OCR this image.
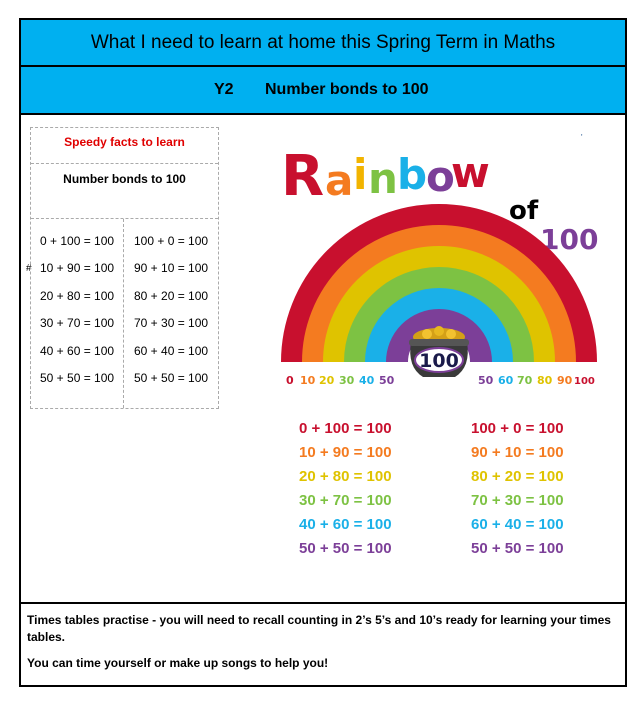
What I need to learn at home this Spring Term in Maths
Y2 Number bonds to 100
#
'
Speedy facts to learn
Number bonds to 100
0 + 100 = 100
10 + 90 = 100
20 + 80 = 100
30 + 70 = 100
40 + 60 = 100
50 + 50 = 100
100 + 0 = 100
90 + 10 = 100
80 + 20 = 100
70 + 30 = 100
60 + 40 = 100
50 + 50 = 100
R a i n b
o
w
of
100
100
0 10 20 30 40 50	50 60 70 80 90 100
0 + 100 = 100
10 + 90 = 100
20 + 80 = 100
30 + 70 = 100
40 + 60 = 100
50 + 50 = 100
100 + 0 = 100
90 + 10 = 100
80 + 20 = 100
70 + 30 = 100
60 + 40 = 100
50 + 50 = 100

Times tables practise - you will need to recall counting in 2’s 5’s and 10’s ready for learning your times tables.

You can time yourself or make up songs to help you!
